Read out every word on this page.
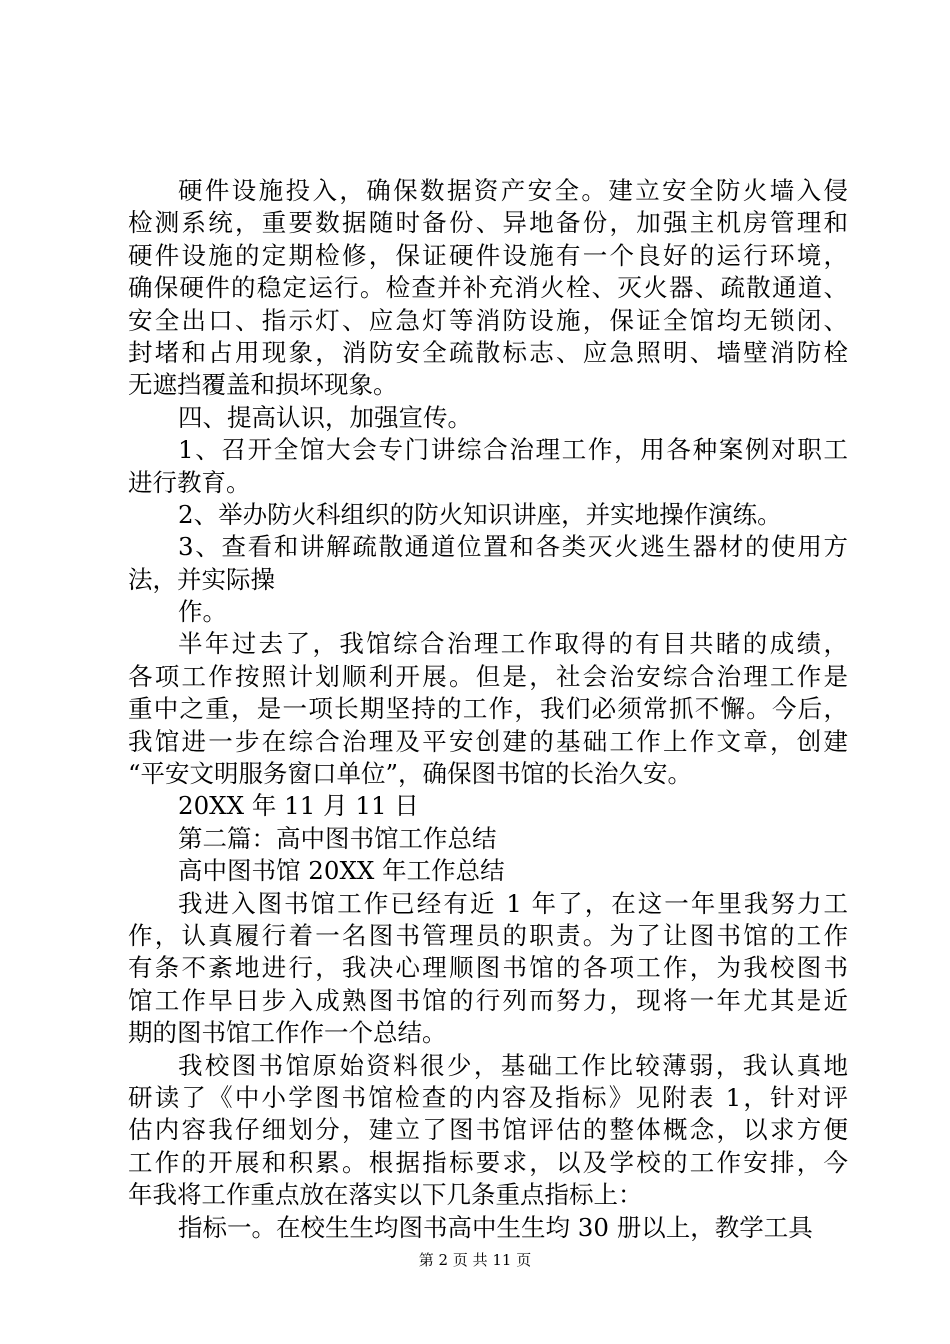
硬件设施投入，确保数据资产安全。建立安全防火墙入侵
检测系统，重要数据随时备份、异地备份，加强主机房管理和
硬件设施的定期检修，保证硬件设施有一个良好的运行环境，
确保硬件的稳定运行。检查并补充消火栓、灭火器、疏散通道、
安全出口、指示灯、应急灯等消防设施，保证全馆均无锁闭、
封堵和占用现象，消防安全疏散标志、应急照明、墙壁消防栓
无遮挡覆盖和损坏现象。
四、提高认识，加强宣传。
1、召开全馆大会专门讲综合治理工作，用各种案例对职工
进行教育。
2、举办防火科组织的防火知识讲座，并实地操作演练。
3、查看和讲解疏散通道位置和各类灭火逃生器材的使用方
法，并实际操
作。
半年过去了，我馆综合治理工作取得的有目共睹的成绩，
各项工作按照计划顺利开展。但是，社会治安综合治理工作是
重中之重，是一项长期坚持的工作，我们必须常抓不懈。今后，
我馆进一步在综合治理及平安创建的基础工作上作文章，创建
“平安文明服务窗口单位”，确保图书馆的长治久安。
20XX 年 11 月 11 日
第二篇：高中图书馆工作总结
高中图书馆 20XX 年工作总结
我进入图书馆工作已经有近 1 年了，在这一年里我努力工
作，认真履行着一名图书管理员的职责。为了让图书馆的工作
有条不紊地进行，我决心理顺图书馆的各项工作，为我校图书
馆工作早日步入成熟图书馆的行列而努力，现将一年尤其是近
期的图书馆工作作一个总结。
我校图书馆原始资料很少，基础工作比较薄弱，我认真地
研读了《中小学图书馆检查的内容及指标》见附表 1，针对评
估内容我仔细划分，建立了图书馆评估的整体概念，以求方便
工作的开展和积累。根据指标要求，以及学校的工作安排，今
年我将工作重点放在落实以下几条重点指标上：
指标一。在校生生均图书高中生生均 30 册以上，教学工具
第 2 页 共 11 页
